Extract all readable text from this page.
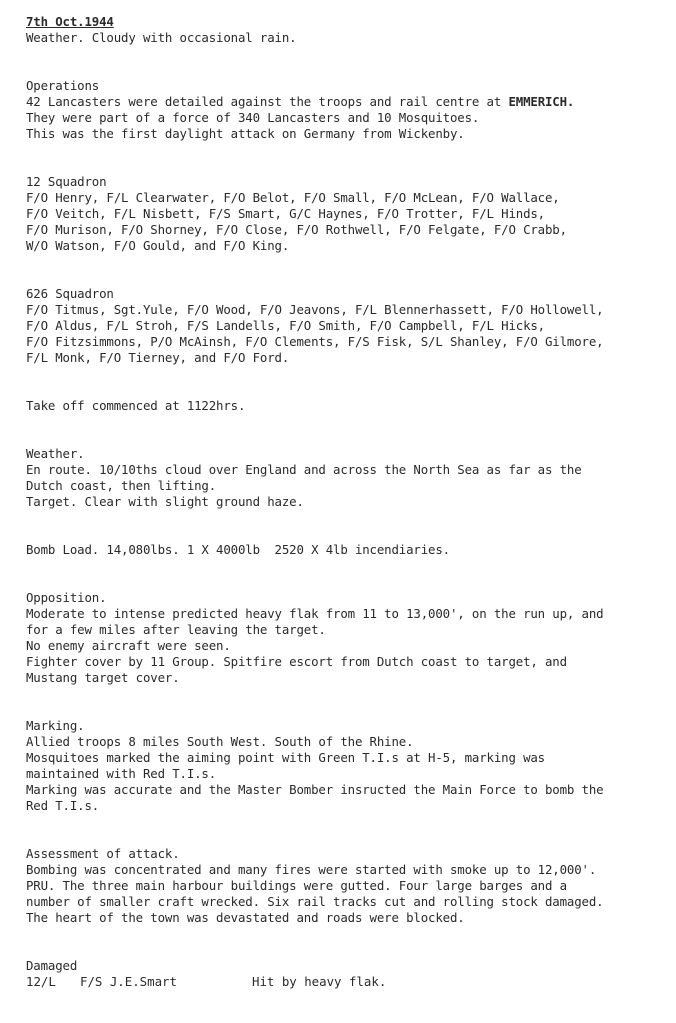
7th Oct.1944
Weather. Cloudy with occasional rain.
Operations
42 Lancasters were detailed against the troops and rail centre at EMMERICH.
They were part of a force of 340 Lancasters and 10 Mosquitoes.
This was the first daylight attack on Germany from Wickenby.
12 Squadron
F/O Henry, F/L Clearwater, F/O Belot, F/O Small, F/O McLean, F/O Wallace,
F/O Veitch, F/L Nisbett, F/S Smart, G/C Haynes, F/O Trotter, F/L Hinds,
F/O Murison, F/O Shorney, F/O Close, F/O Rothwell, F/O Felgate, F/O Crabb,
W/O Watson, F/O Gould, and F/O King.
626 Squadron
F/O Titmus, Sgt.Yule, F/O Wood, F/O Jeavons, F/L Blennerhassett, F/O Hollowell,
F/O Aldus, F/L Stroh, F/S Landells, F/O Smith, F/O Campbell, F/L Hicks,
F/O Fitzsimmons, P/O McAinsh, F/O Clements, F/S Fisk, S/L Shanley, F/O Gilmore,
F/L Monk, F/O Tierney, and F/O Ford.
Take off commenced at 1122hrs.
Weather.
En route. 10/10ths cloud over England and across the North Sea as far as the
Dutch coast, then lifting.
Target. Clear with slight ground haze.
Bomb Load. 14,080lbs. 1 X 4000lb  2520 X 4lb incendiaries.
Opposition.
Moderate to intense predicted heavy flak from 11 to 13,000', on the run up, and
for a few miles after leaving the target.
No enemy aircraft were seen.
Fighter cover by 11 Group. Spitfire escort from Dutch coast to target, and
Mustang target cover.
Marking.
Allied troops 8 miles South West. South of the Rhine.
Mosquitoes marked the aiming point with Green T.I.s at H-5, marking was
maintained with Red T.I.s.
Marking was accurate and the Master Bomber insructed the Main Force to bomb the
Red T.I.s.
Assessment of attack.
Bombing was concentrated and many fires were started with smoke up to 12,000'.
PRU. The three main harbour buildings were gutted. Four large barges and a
number of smaller craft wrecked. Six rail tracks cut and rolling stock damaged.
The heart of the town was devastated and roads were blocked.
Damaged
12/L	F/S J.E.Smart	Hit by heavy flak.
